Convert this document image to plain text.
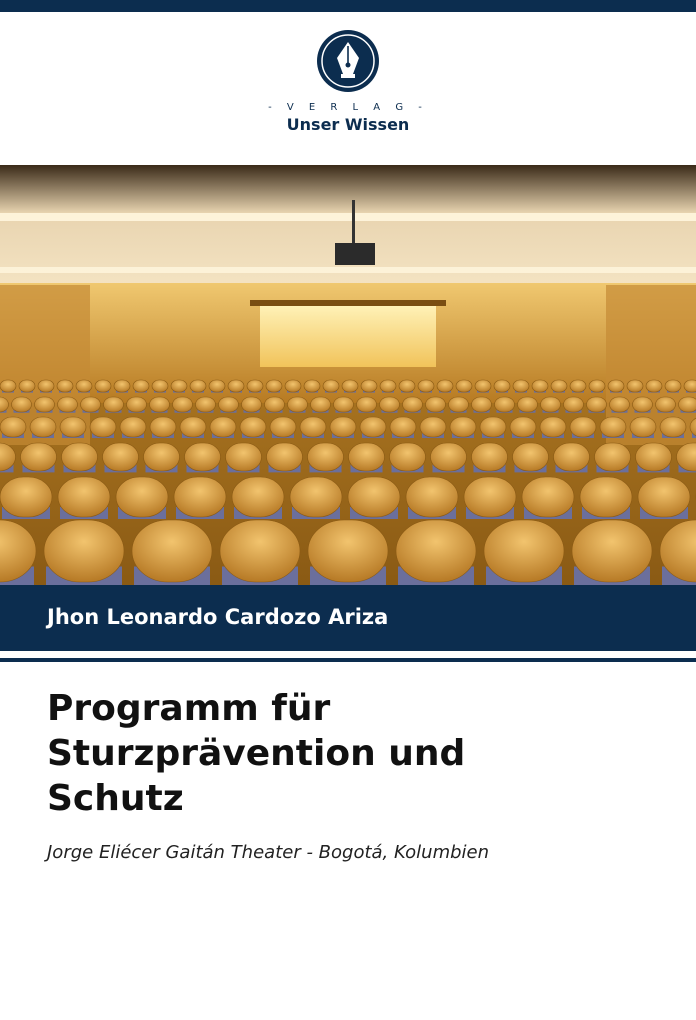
- V E R L A G -
Unser Wissen
Jhon Leonardo Cardozo Ariza
Programm für
Sturzprävention und
Schutz
Jorge Eliécer Gaitán Theater - Bogotá, Kolumbien
